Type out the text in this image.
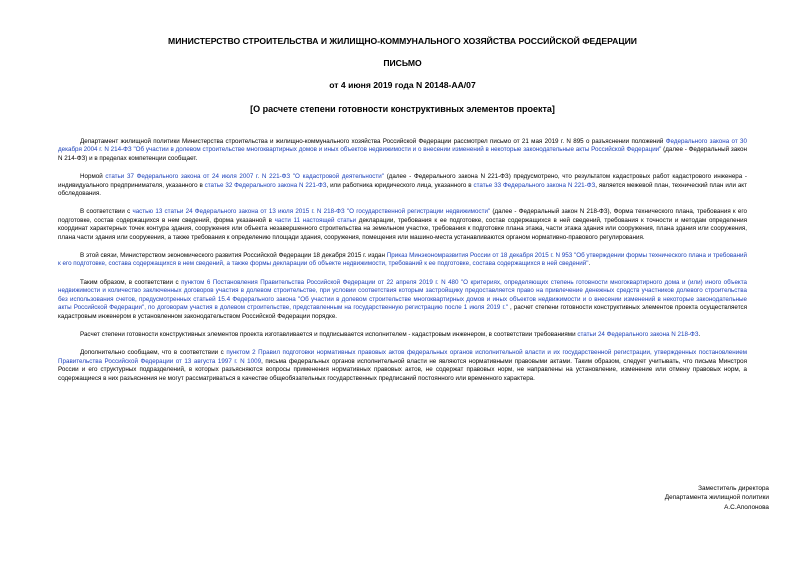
МИНИСТЕРСТВО СТРОИТЕЛЬСТВА И ЖИЛИЩНО-КОММУНАЛЬНОГО ХОЗЯЙСТВА РОССИЙСКОЙ ФЕДЕРАЦИИ
ПИСЬМО
от 4 июня 2019 года N 20148-АА/07
[О расчете степени готовности конструктивных элементов проекта]

Департамент жилищной политики Министерства строительства и жилищно-коммунального хозяйства Российской Федерации рассмотрел письмо от 21 мая 2019 г. N 895 о разъяснении положений Федерального закона от 30 декабря 2004 г. N 214-ФЗ "Об участии в долевом строительстве многоквартирных домов и иных объектов недвижимости и о внесении изменений в некоторые законодательные акты Российской Федерации" (далее - Федеральный закон N 214-ФЗ) и в пределах компетенции сообщает.

Нормой статьи 37 Федерального закона от 24 июля 2007 г. N 221-ФЗ "О кадастровой деятельности" (далее - Федерального закона N 221-ФЗ) предусмотрено, что результатом кадастровых работ кадастрового инженера - индивидуального предпринимателя, указанного в статье 32 Федерального закона N 221-ФЗ, или работника юридического лица, указанного в статье 33 Федерального закона N 221-ФЗ, является межевой план, технический план или акт обследования.

В соответствии с частью 13 статьи 24 Федерального закона от 13 июля 2015 г. N 218-ФЗ "О государственной регистрации недвижимости" (далее - Федеральный закон N 218-ФЗ), Форма технического плана, требования к его подготовке, состав содержащихся в нем сведений, форма указанной в части 11 настоящей статьи декларации, требования к ее подготовке, состав содержащихся в ней сведений, требования к точности и методам определения координат характерных точек контура здания, сооружения или объекта незавершенного строительства на земельном участке, требования к подготовке плана этажа, части этажа здания или сооружения, плана здания или сооружения, плана части здания или сооружения, а также требования к определению площади здания, сооружения, помещения или машино-места устанавливаются органом нормативно-правового регулирования.

В этой связи, Министерством экономического развития Российской Федерации 18 декабря 2015 г. издан Приказ Минэкономразвития России от 18 декабря 2015 г. N 953 "Об утверждении формы технического плана и требований к его подготовке, состава содержащихся в нем сведений, а также формы декларации об объекте недвижимости, требований к ее подготовке, состава содержащихся в ней сведений".

Таким образом, в соответствии с пунктом 6 Постановления Правительства Российской Федерации от 22 апреля 2019 г. N 480 "О критериях, определяющих степень готовности многоквартирного дома и (или) иного объекта недвижимости и количество заключенных договоров участия в долевом строительстве, при условии соответствия которым застройщику предоставляется право на привлечение денежных средств участников долевого строительства без использования счетов, предусмотренных статьей 15.4 Федерального закона "Об участии в долевом строительстве многоквартирных домов и иных объектов недвижимости и о внесении изменений в некоторые законодательные акты Российской Федерации", по договорам участия в долевом строительстве, представленным на государственную регистрацию после 1 июля 2019 г." , расчет степени готовности конструктивных элементов проекта осуществляется кадастровым инженером в установленном законодательством Российской Федерации порядке.

Расчет степени готовности конструктивных элементов проекта изготавливается и подписывается исполнителем - кадастровым инженером, в соответствии требованиями статьи 24 Федерального закона N 218-ФЗ.

Дополнительно сообщаем, что в соответствии с пунктом 2 Правил подготовки нормативных правовых актов федеральных органов исполнительной власти и их государственной регистрации, утвержденных постановлением Правительства Российской Федерации от 13 августа 1997 г. N 1009, письма федеральных органов исполнительной власти не являются нормативными правовыми актами. Таким образом, следует учитывать, что письма Минстроя России и его структурных подразделений, в которых разъясняются вопросы применения нормативных правовых актов, не содержат правовых норм, не направлены на установление, изменение или отмену правовых норм, а содержащиеся в них разъяснения не могут рассматриваться в качестве общеобязательных государственных предписаний постоянного или временного характера.

Заместитель директора
Департамента жилищной политики
А.С.Аполонова
